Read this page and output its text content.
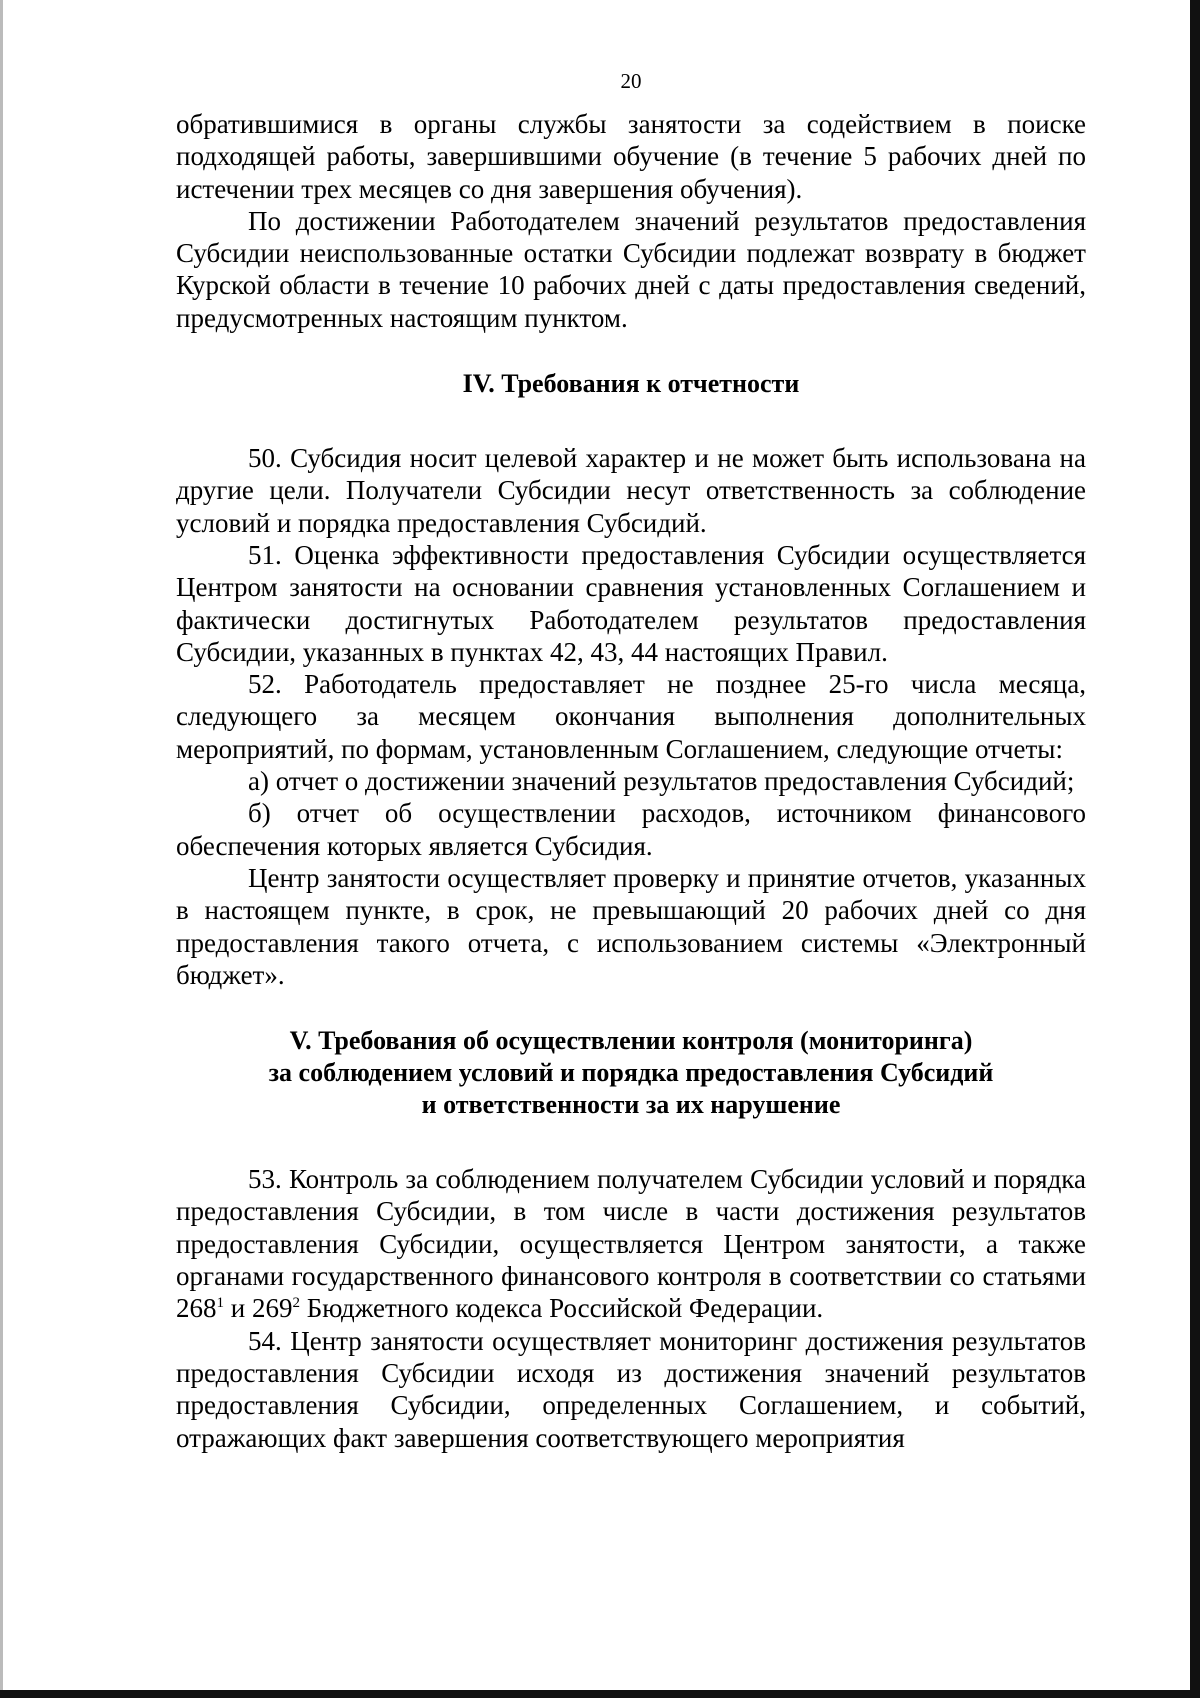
20

обратившимися в органы службы занятости за содействием в поиске подходящей работы, завершившими обучение (в течение 5 рабочих дней по истечении трех месяцев со дня завершения обучения).

По достижении Работодателем значений результатов предоставления Субсидии неиспользованные остатки Субсидии подлежат возврату в бюджет Курской области в течение 10 рабочих дней с даты предоставления сведений, предусмотренных настоящим пунктом.

IV. Требования к отчетности

50. Субсидия носит целевой характер и не может быть использована на другие цели. Получатели Субсидии несут ответственность за соблюдение условий и порядка предоставления Субсидий.

51. Оценка эффективности предоставления Субсидии осуществляется Центром занятости на основании сравнения установленных Соглашением и фактически достигнутых Работодателем результатов предоставления Субсидии, указанных в пунктах 42, 43, 44 настоящих Правил.

52. Работодатель предоставляет не позднее 25-го числа месяца, следующего за месяцем окончания выполнения дополнительных мероприятий, по формам, установленным Соглашением, следующие отчеты:

а) отчет о достижении значений результатов предоставления Субсидий;

б) отчет об осуществлении расходов, источником финансового обеспечения которых является Субсидия.

Центр занятости осуществляет проверку и принятие отчетов, указанных в настоящем пункте, в срок, не превышающий 20 рабочих дней со дня предоставления такого отчета, с использованием системы «Электронный бюджет».

V. Требования об осуществлении контроля (мониторинга)
за соблюдением условий и порядка предоставления Субсидий
и ответственности за их нарушение

53. Контроль за соблюдением получателем Субсидии условий и порядка предоставления Субсидии, в том числе в части достижения результатов предоставления Субсидии, осуществляется Центром занятости, а также органами государственного финансового контроля в соответствии со статьями $268^1$ и $269^2$ Бюджетного кодекса Российской Федерации.

54. Центр занятости осуществляет мониторинг достижения результатов предоставления Субсидии исходя из достижения значений результатов предоставления Субсидии, определенных Соглашением, и событий, отражающих факт завершения соответствующего мероприятия
